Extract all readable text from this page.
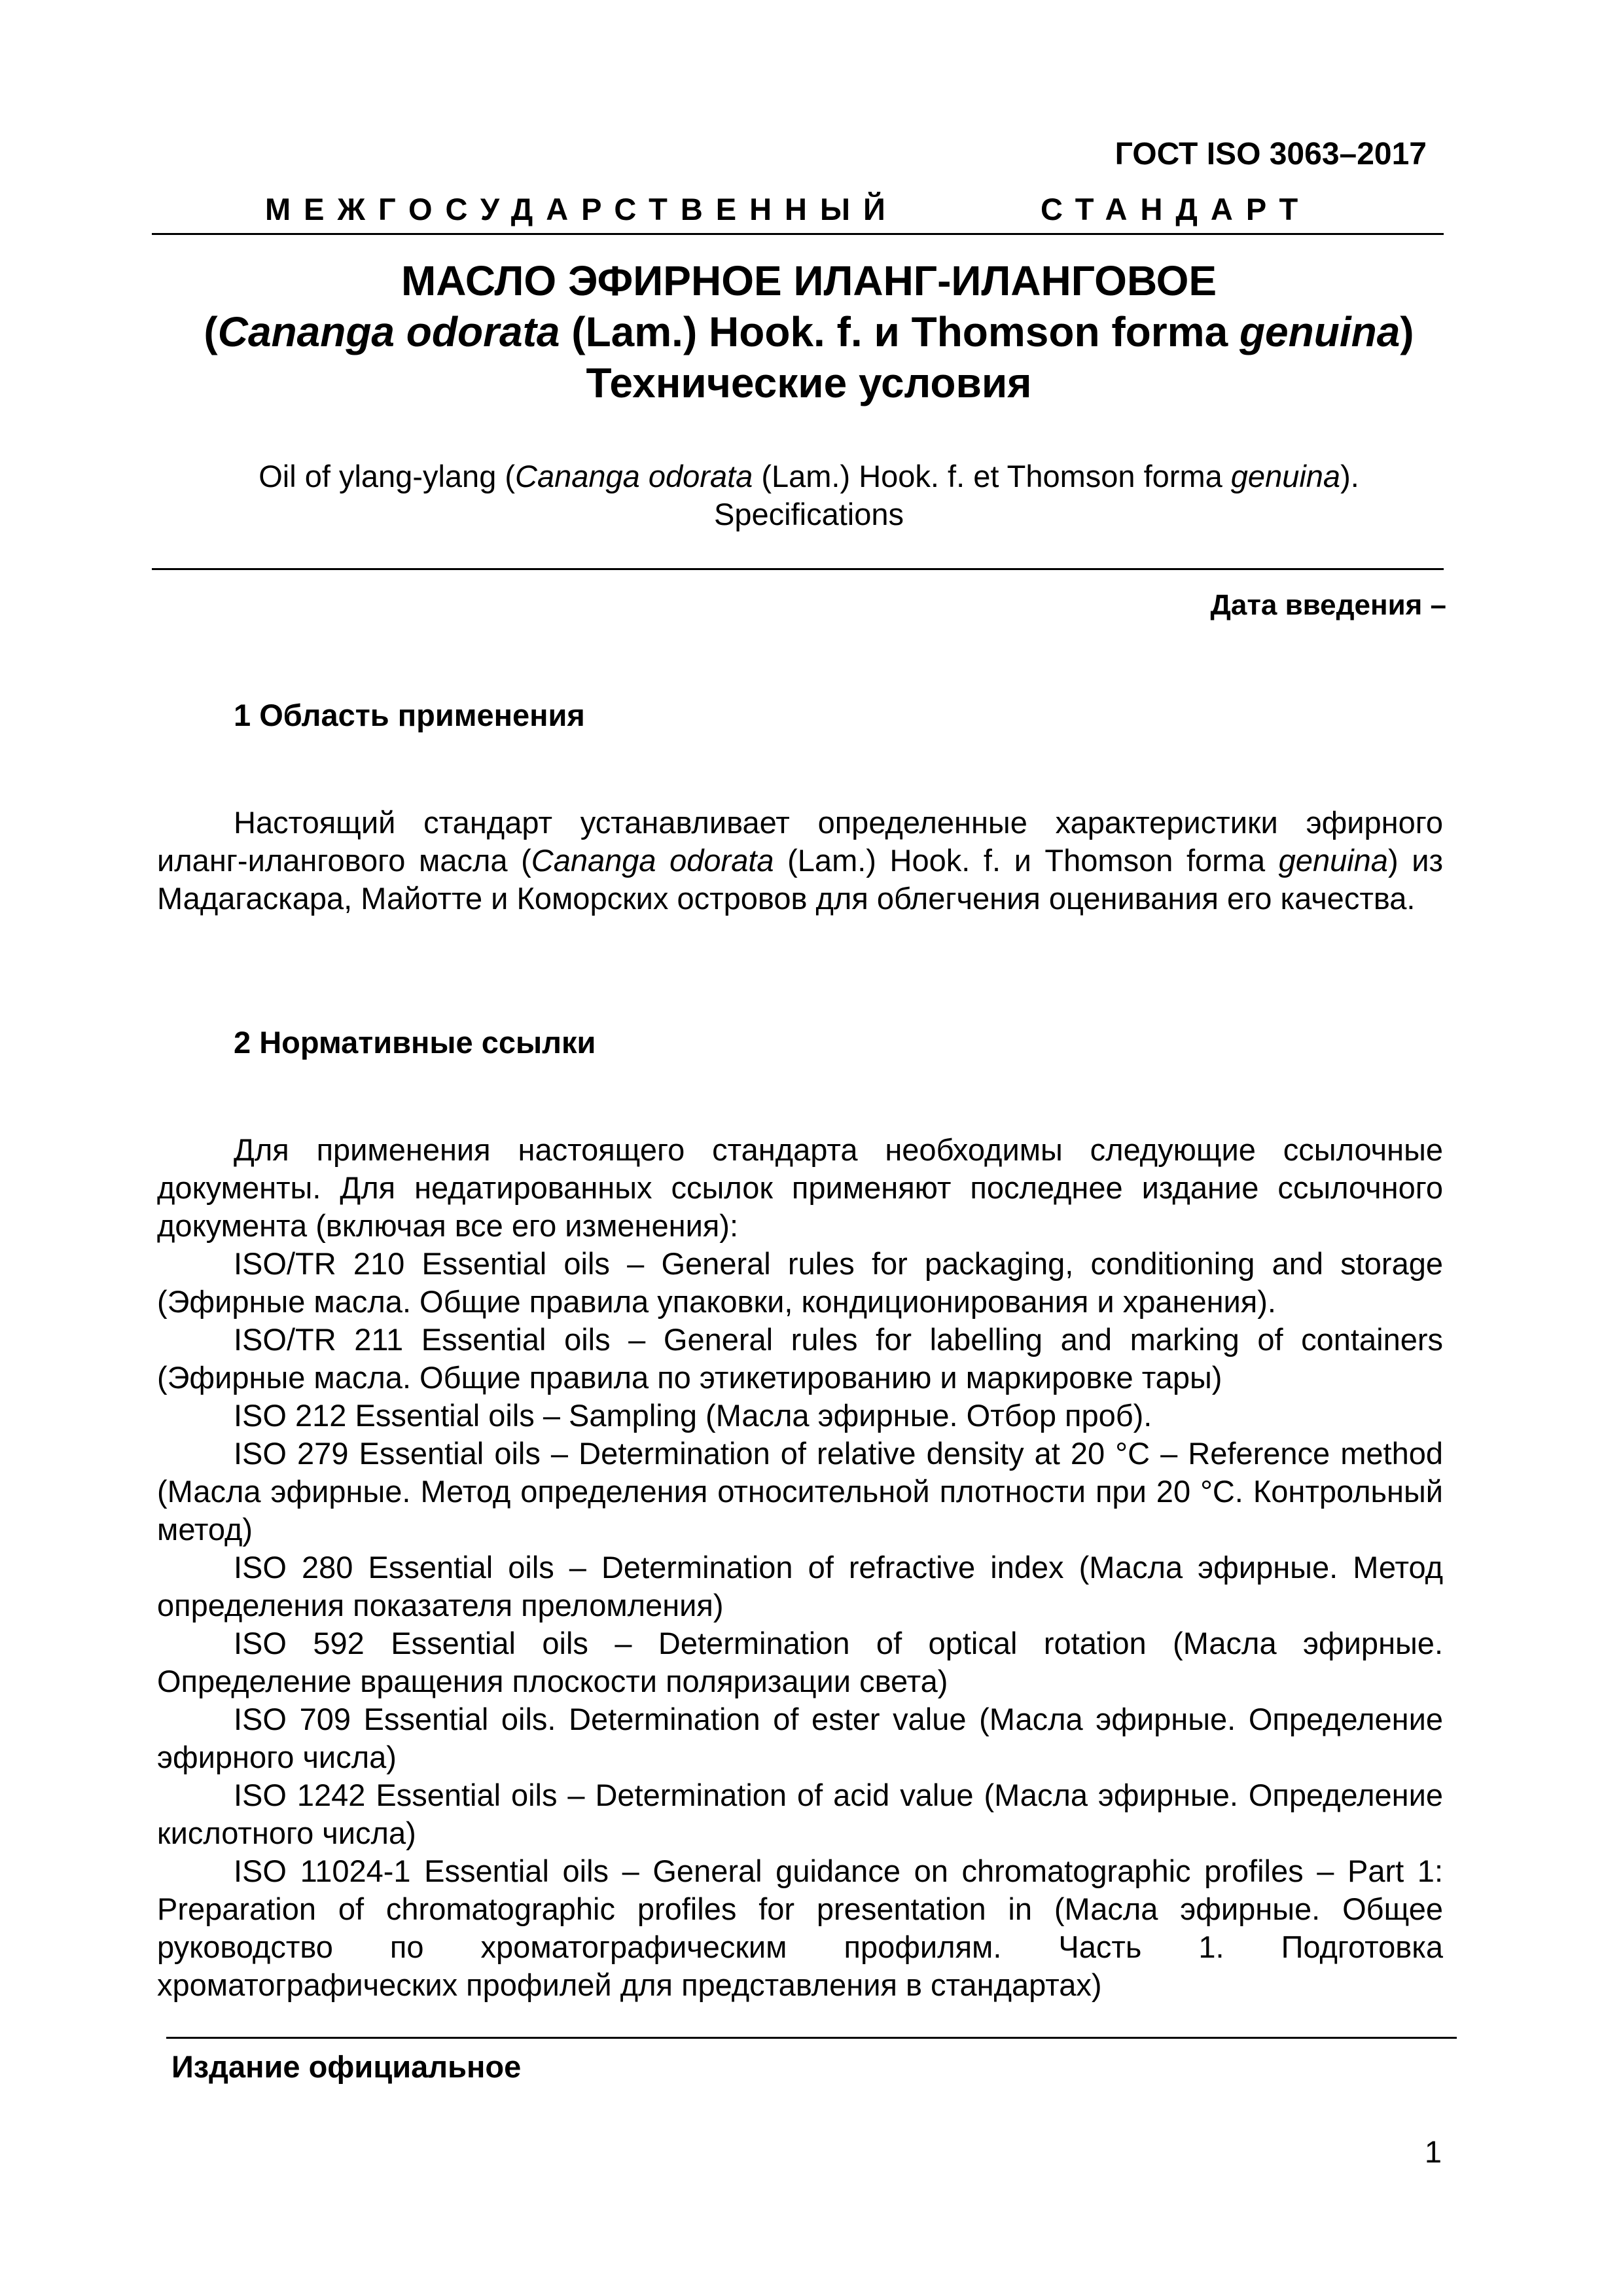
ГОСТ ISO 3063–2017
МЕЖГОСУДАРСТВЕННЫЙ	СТАНДАРТ
МАСЛО ЭФИРНОЕ ИЛАНГ-ИЛАНГОВОЕ
(Cananga odorata (Lam.) Hook. f. и Thomson forma genuina)
Технические условия
Oil of ylang-ylang (Cananga odorata (Lam.) Hook. f. et Thomson forma genuina).
Specifications
Дата введения –
1 Область применения

Настоящий стандарт устанавливает определенные характеристики эфирного иланг-илангового масла (Cananga odorata (Lam.) Hook. f. и Thomson forma genuina) из Мадагаскара, Майотте и Коморских островов для облегчения оценивания его качества.

2 Нормативные ссылки

Для применения настоящего стандарта необходимы следующие ссылочные документы. Для недатированных ссылок применяют последнее издание ссылочного документа (включая все его изменения):

ISO/TR 210 Essential oils – General rules for packaging, conditioning and storage (Эфирные масла. Общие правила упаковки, кондиционирования и хранения).

ISO/TR 211 Essential oils – General rules for labelling and marking of containers (Эфирные масла. Общие правила по этикетированию и маркировке тары)

ISO 212 Essential oils – Sampling (Масла эфирные. Отбор проб).

ISO 279 Essential oils – Determination of relative density at 20 °C – Reference method (Масла эфирные. Метод определения относительной плотности при 20 °С. Контрольный метод)

ISO 280 Essential oils – Determination of refractive index (Масла эфирные. Метод определения показателя преломления)

ISO 592 Essential oils – Determination of optical rotation (Масла эфирные. Определение вращения плоскости поляризации света)

ISO 709 Essential oils. Determination of ester value (Масла эфирные. Определение эфирного числа)

ISO 1242 Essential oils – Determination of acid value (Масла эфирные. Определение кислотного числа)

ISO 11024-1 Essential oils – General guidance on chromatographic profiles – Part 1: Preparation of chromatographic profiles for presentation in (Масла эфирные. Общее руководство по хроматографическим профилям. Часть 1. Подготовка хроматографических профилей для представления в стандартах)

Издание официальное
1
